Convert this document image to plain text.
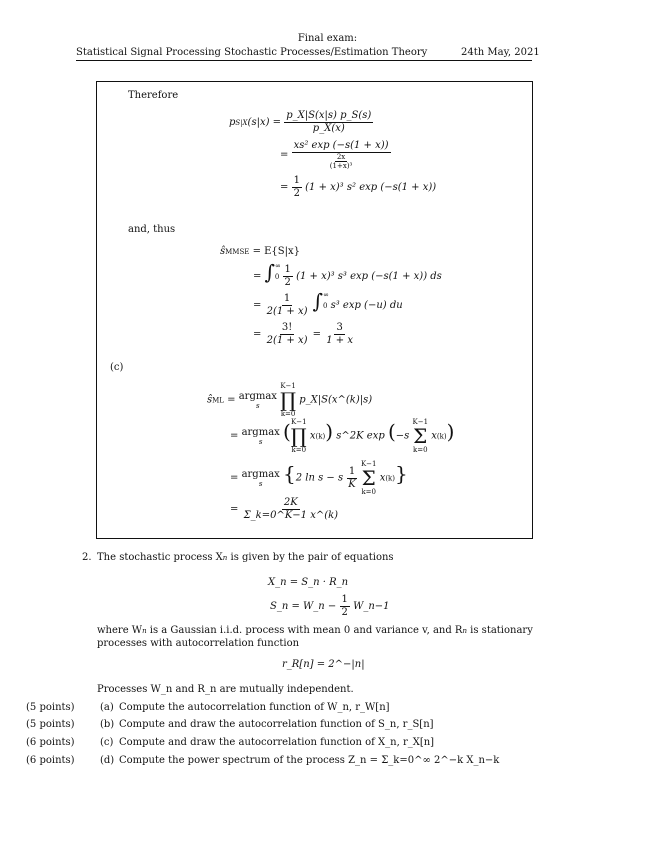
Final exam:
Statistical Signal Processing Stochastic Processes/Estimation Theory	24th May, 2021
Therefore
$pS|X(s|x) = \frac{p\_X|S(x|s) p\_S(s)}{p\_X(x)}$
= $\frac{\text{xs² exp (−s(1 + x))}}{\frac{2x}{\text{(1+x)³}}}$
= $\frac{1}{2} (1 + x)^3$ s² exp (−s(1 + x))
and, thus
ŝMMSE = E{S|x}
= $\int^\infty 0 \frac{1}{2} (1 + x)^3$ s³ exp (−s(1 + x)) ds
= $\frac{1}{2(1 + x)} \int^\infty 0$ s³ exp (−u) du
= $\frac{3!}{2(1 + x)} = \frac{3}{1 + x}$
(c)
ŝML = argmax
s

K−1
∏
k=0
p_X|S(x^(k)|s)
= argmax
s ( K−1
∏
k=0
x(k)) s^2K exp (−s
K−1
Σ
k=0
x(k))
= argmax
s {2 ln s − s $\frac{1}{K}$

K−1
Σ
k=0
x(k)}
= $\frac{2K}{\Sigma\_k=0\^{}K-1 x\^{}(k)}$
2. The stochastic process Xn is given by the pair of equations
X_n = S_n · R_n
S_n = W_n − $\frac{1}{2}$ W_n−1
where Wn is a Gaussian i.i.d. process with mean 0 and variance v, and Rn is stationary
processes with autocorrelation function
r_R[n] = 2^−|n|
Processes W_n and R_n are mutually independent.
(5 points)	(a) Compute the autocorrelation function of W_n, r_W[n]
(5 points)	(b) Compute and draw the autocorrelation function of S_n, r_S[n]
(6 points)	(c) Compute and draw the autocorrelation function of X_n, r_X[n]
(6 points)	(d) Compute the power spectrum of the process Z_n = Σ_k=0^∞ 2^−k X_n−k
